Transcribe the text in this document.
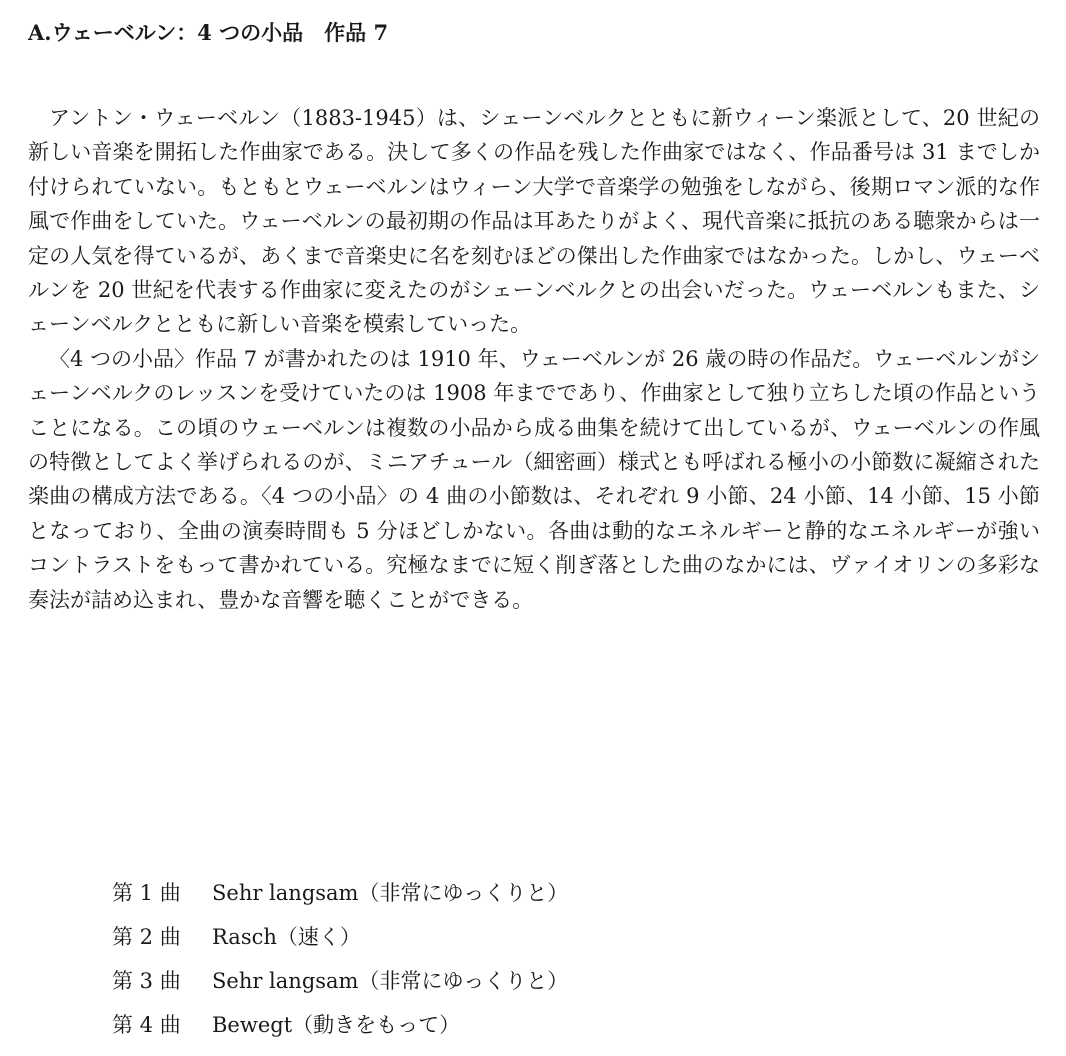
A.ウェーベルン：4 つの小品　作品 7

アントン・ウェーベルン（1883-1945）は、シェーンベルクとともに新ウィーン楽派として、20 世紀の新しい音楽を開拓した作曲家である。決して多くの作品を残した作曲家ではなく、作品番号は 31 までしか付けられていない。もともとウェーベルンはウィーン大学で音楽学の勉強をしながら、後期ロマン派的な作風で作曲をしていた。ウェーベルンの最初期の作品は耳あたりがよく、現代音楽に抵抗のある聴衆からは一定の人気を得ているが、あくまで音楽史に名を刻むほどの傑出した作曲家ではなかった。しかし、ウェーベルンを 20 世紀を代表する作曲家に変えたのがシェーンベルクとの出会いだった。ウェーベルンもまた、シェーンベルクとともに新しい音楽を模索していった。

〈4 つの小品〉作品 7 が書かれたのは 1910 年、ウェーベルンが 26 歳の時の作品だ。ウェーベルンがシェーンベルクのレッスンを受けていたのは 1908 年までであり、作曲家として独り立ちした頃の作品ということになる。この頃のウェーベルンは複数の小品から成る曲集を続けて出しているが、ウェーベルンの作風の特徴としてよく挙げられるのが、ミニアチュール（細密画）様式とも呼ばれる極小の小節数に凝縮された楽曲の構成方法である。〈4 つの小品〉の 4 曲の小節数は、それぞれ 9 小節、24 小節、14 小節、15 小節となっており、全曲の演奏時間も 5 分ほどしかない。各曲は動的なエネルギーと静的なエネルギーが強いコントラストをもって書かれている。究極なまでに短く削ぎ落とした曲のなかには、ヴァイオリンの多彩な奏法が詰め込まれ、豊かな音響を聴くことができる。

第 1 曲	Sehr langsam（非常にゆっくりと）
第 2 曲	Rasch（速く）
第 3 曲	Sehr langsam（非常にゆっくりと）
第 4 曲	Bewegt（動きをもって）
